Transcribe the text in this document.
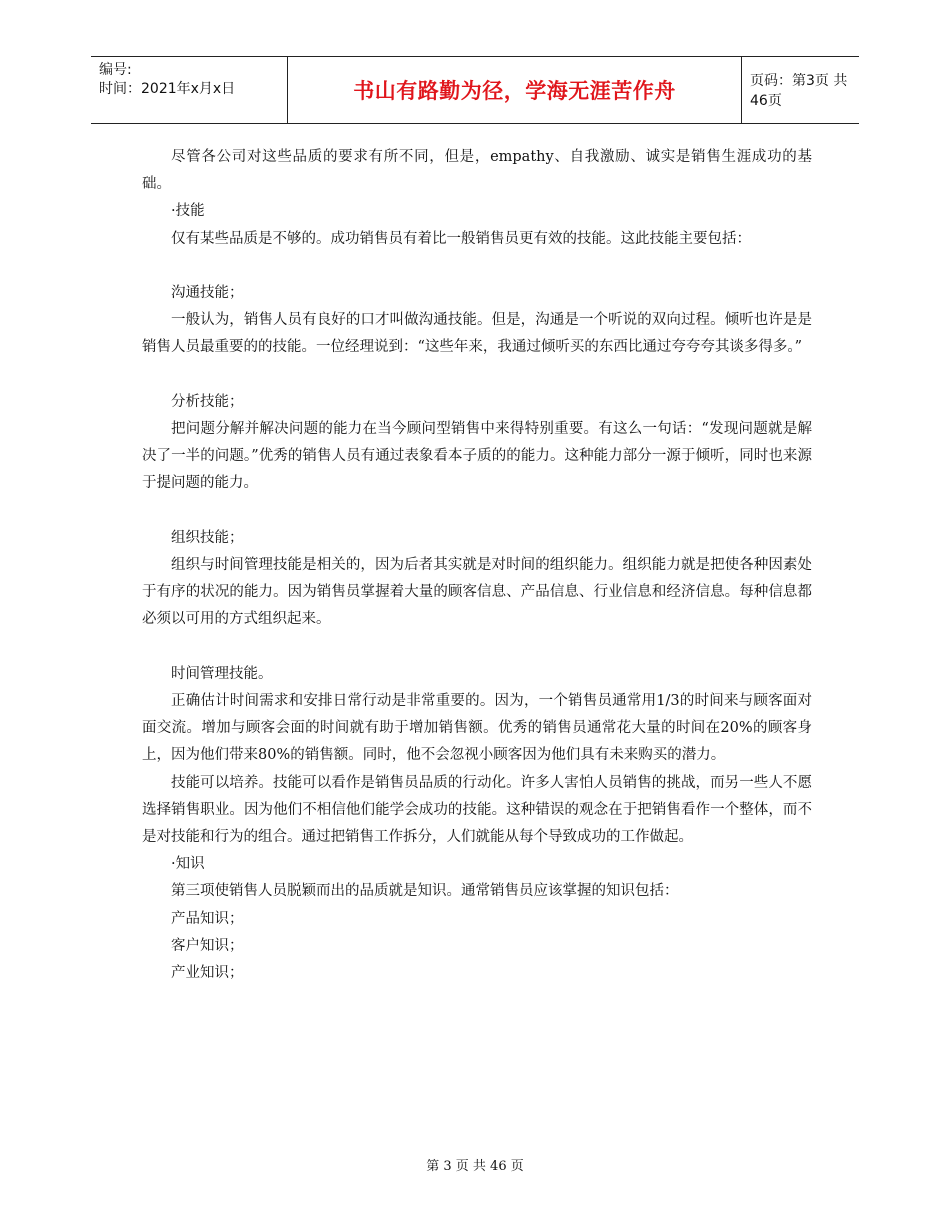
编号:
时间：2021年x月x日	书山有路勤为径，学海无涯苦作舟	页码：第3页 共46页

尽管各公司对这些品质的要求有所不同，但是，empathy、自我激励、诚实是销售生涯成功的基础。

·技能

仅有某些品质是不够的。成功销售员有着比一般销售员更有效的技能。这此技能主要包括：

沟通技能；

一般认为，销售人员有良好的口才叫做沟通技能。但是，沟通是一个听说的双向过程。倾听也许是是销售人员最重要的的技能。一位经理说到：“这些年来，我通过倾听买的东西比通过夸夸夸其谈多得多。”

分析技能；

把问题分解并解决问题的能力在当今顾问型销售中来得特别重要。有这么一句话：“发现问题就是解决了一半的问题。”优秀的销售人员有通过表象看本子质的的能力。这种能力部分一源于倾听，同时也来源于提问题的能力。

组织技能；

组织与时间管理技能是相关的，因为后者其实就是对时间的组织能力。组织能力就是把使各种因素处于有序的状况的能力。因为销售员掌握着大量的顾客信息、产品信息、行业信息和经济信息。每种信息都必须以可用的方式组织起来。

时间管理技能。

正确估计时间需求和安排日常行动是非常重要的。因为，一个销售员通常用1/3的时间来与顾客面对面交流。增加与顾客会面的时间就有助于增加销售额。优秀的销售员通常花大量的时间在20%的顾客身上，因为他们带来80%的销售额。同时，他不会忽视小顾客因为他们具有未来购买的潜力。

技能可以培养。技能可以看作是销售员品质的行动化。许多人害怕人员销售的挑战，而另一些人不愿选择销售职业。因为他们不相信他们能学会成功的技能。这种错误的观念在于把销售看作一个整体，而不是对技能和行为的组合。通过把销售工作拆分，人们就能从每个导致成功的工作做起。

·知识

第三项使销售人员脱颖而出的品质就是知识。通常销售员应该掌握的知识包括：

产品知识；

客户知识；

产业知识；

第 3 页 共 46 页
